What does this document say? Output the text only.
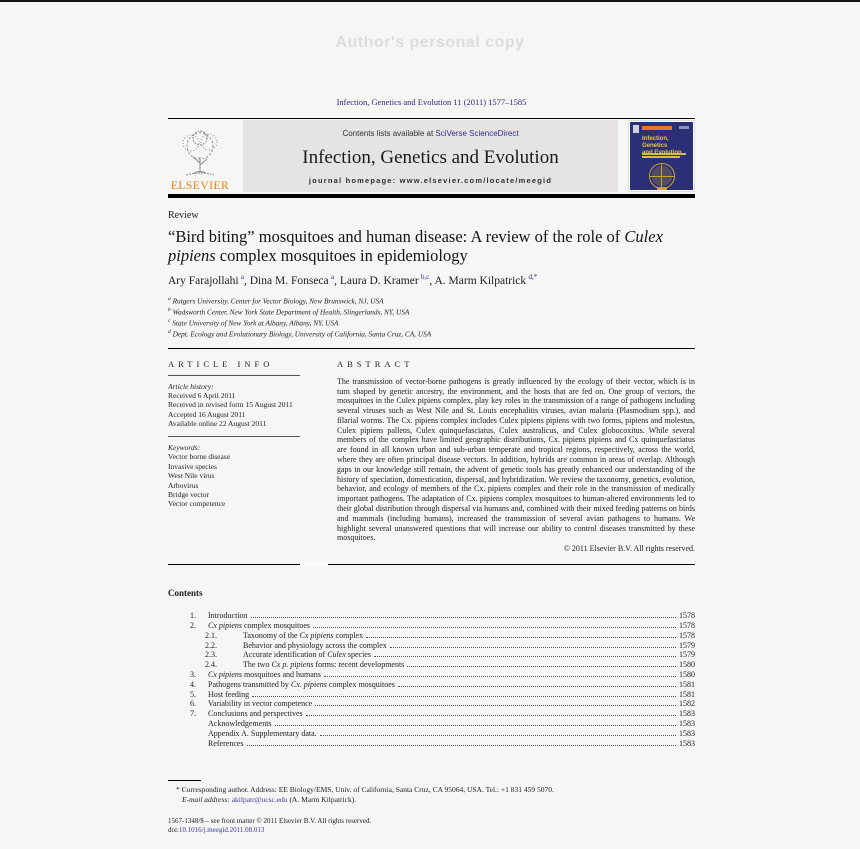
Author's personal copy
Infection, Genetics and Evolution 11 (2011) 1577–1585
ELSEVIER
Contents lists available at SciVerse ScienceDirect
Infection, Genetics and Evolution
journal homepage: www.elsevier.com/locate/meegid
Infection, Genetics
Review
“Bird biting” mosquitoes and human disease: A review of the role of Culex pipiens complex mosquitoes in epidemiology
Ary Farajollahi  $^a$, Dina M. Fonseca  $^a$, Laura D. Kramer  $^{b,c}$, A. Marm Kilpatrick  $^{d,*}$
$^a$ Rutgers University, Center for Vector Biology, New Brunswick, NJ, USA
$^b$ Wadsworth Center, New York State Department of Health, Slingerlands, NY, USA
$^c$ State University of New York at Albany, Albany, NY, USA
$^d$ Dept. Ecology and Evolutionary Biology, University of California, Santa Cruz, CA, USA
ARTICLE INFO
Article history:
Received 6 April 2011
Received in revised form 15 August 2011
Accepted 16 August 2011
Available online 22 August 2011
Keywords:
Vector borne disease
Invasive species
West Nile virus
Arbovirus
Bridge vector
Vector competence
ABSTRACT
The transmission of vector-borne pathogens is greatly influenced by the ecology of their vector, which is in turn shaped by genetic ancestry, the environment, and the hosts that are fed on. One group of vectors, the mosquitoes in the Culex pipiens complex, play key roles in the transmission of a range of pathogens including several viruses such as West Nile and St. Louis encephalitis viruses, avian malaria (Plasmodium spp.), and filarial worms. The Cx. pipiens complex includes Culex pipiens pipiens with two forms, pipiens and molestus, Culex pipiens pallens, Culex quinquefasciatus, Culex australicus, and Culex globocoxitus. While several members of the complex have limited geographic distributions, Cx. pipiens pipiens and Cx quinquefasciatus are found in all known urban and sub-urban temperate and tropical regions, respectively, across the world, where they are often principal disease vectors. In addition, hybrids are common in areas of overlap. Although gaps in our knowledge still remain, the advent of genetic tools has greatly enhanced our understanding of the history of speciation, domestication, dispersal, and hybridization. We review the taxonomy, genetics, evolution, behavior, and ecology of members of the Cx. pipiens complex and their role in the transmission of medically important pathogens. The adaptation of Cx. pipiens complex mosquitoes to human-altered environments led to their global distribution through dispersal via humans and, combined with their mixed feeding patterns on birds and mammals (including humans), increased the transmission of several avian pathogens to humans. We highlight several unanswered questions that will increase our ability to control diseases transmitted by these mosquitoes.
© 2011 Elsevier B.V. All rights reserved.
Contents
1.	Introduction	1578
2.	Cx pipiens complex mosquitoes	1578
2.1.	Taxonomy of the Cx pipiens complex	1578
2.2.	Behavior and physiology across the complex	1579
2.3.	Accurate identification of Culex species	1579
2.4.	The two Cx p. pipiens forms: recent developments	1580
3.	Cx pipiens mosquitoes and humans	1580
4.	Pathogens transmitted by Cx. pipiens complex mosquitoes	1581
5.	Host feeding	1581
6.	Variability in vector competence	1582
7.	Conclusions and perspectives	1583
Acknowledgements	1583
Appendix A. Supplementary data.	1583
References	1583
* Corresponding author. Address: EE Biology/EMS, Univ. of California, Santa Cruz, CA 95064, USA. Tel.: +1 831 459 5070.
E-mail address: akilpatr@ucsc.edu (A. Marm Kilpatrick).
1567-1348/$ – see front matter © 2011 Elsevier B.V. All rights reserved.
doi:10.1016/j.meegid.2011.08.013
